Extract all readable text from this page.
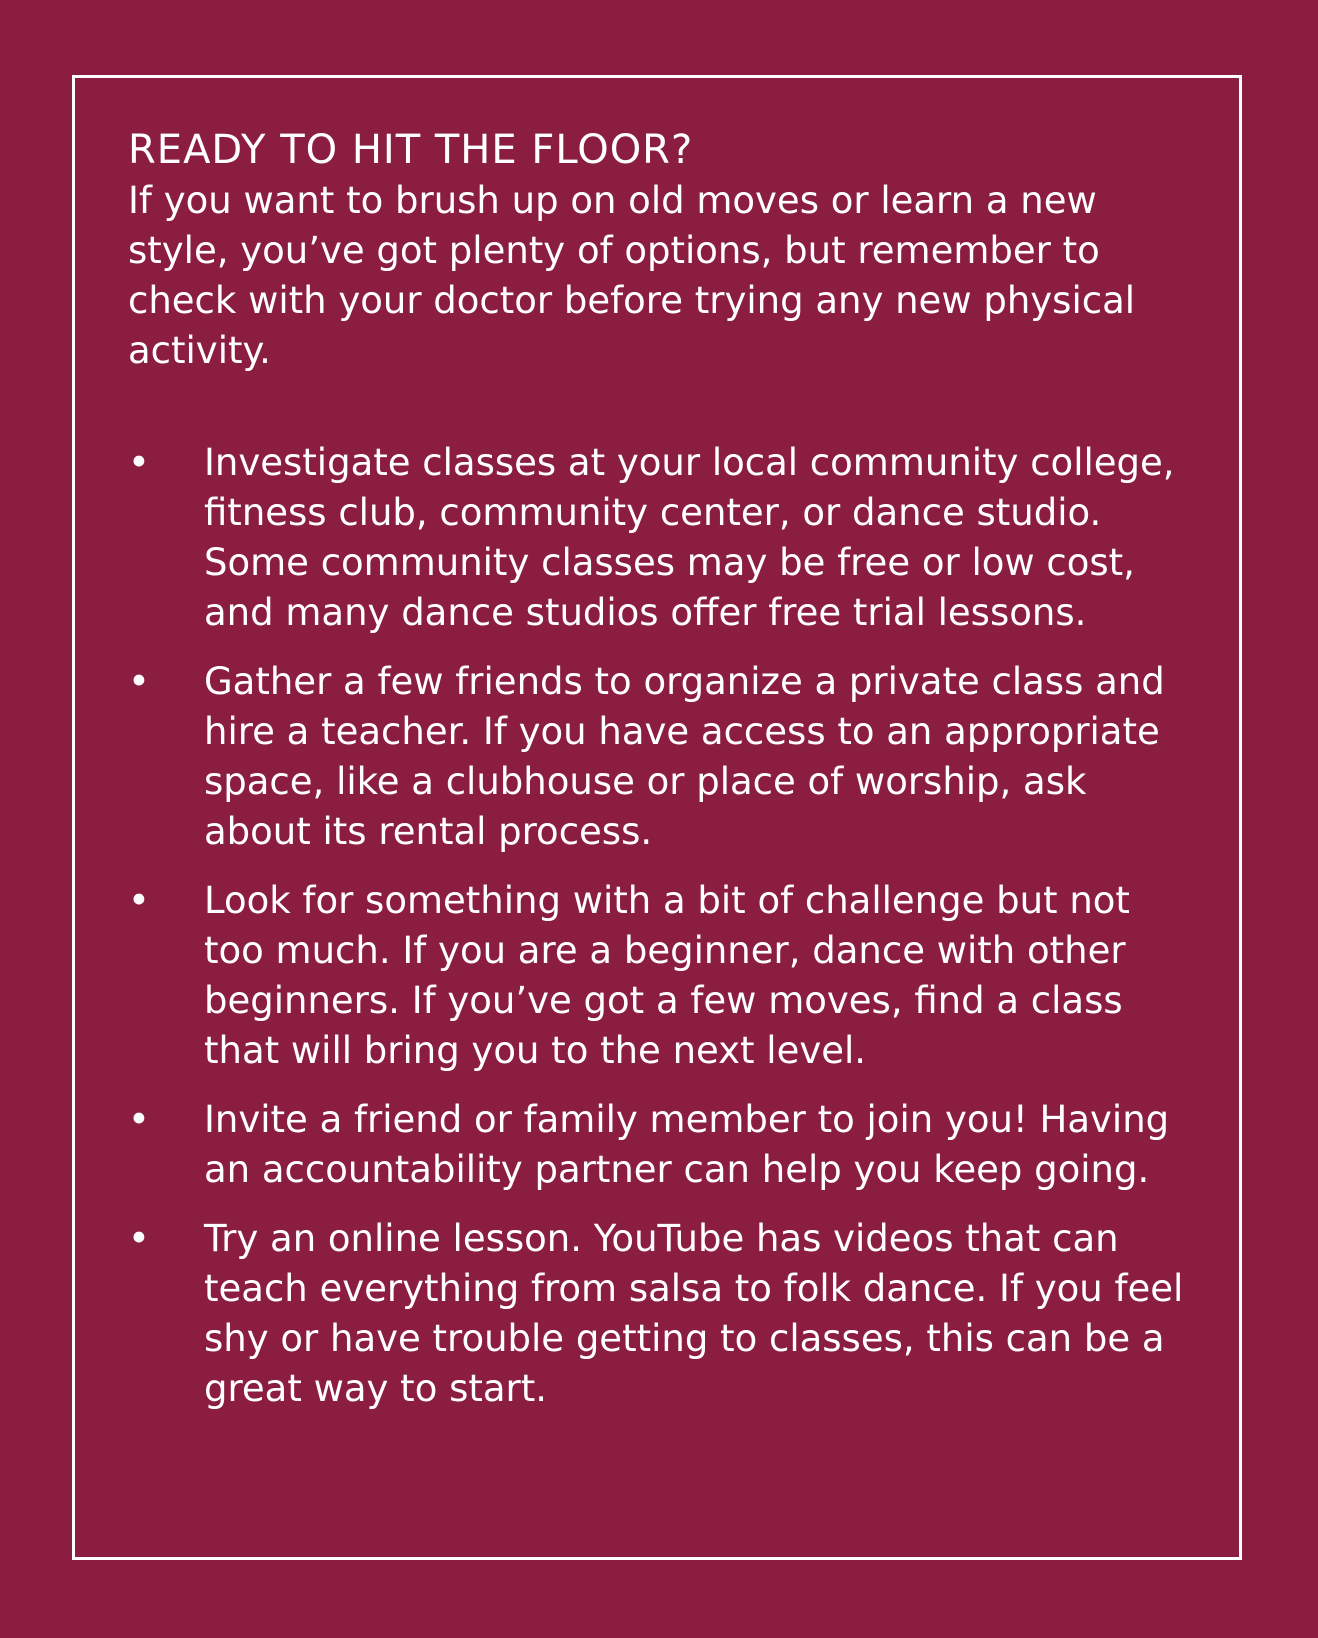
READY TO HIT THE FLOOR?

If you want to brush up on old moves or learn a new style, you’ve got plenty of options, but remember to check with your doctor before trying any new physical activity.

• Investigate classes at your local community college, fitness club, community center, or dance studio. Some community classes may be free or low cost, and many dance studios offer free trial lessons.
• Gather a few friends to organize a private class and hire a teacher. If you have access to an appropriate space, like a clubhouse or place of worship, ask about its rental process.
• Look for something with a bit of challenge but not too much. If you are a beginner, dance with other beginners. If you’ve got a few moves, find a class that will bring you to the next level.
• Invite a friend or family member to join you! Having an accountability partner can help you keep going.
• Try an online lesson. YouTube has videos that can teach everything from salsa to folk dance. If you feel shy or have trouble getting to classes, this can be a great way to start.
